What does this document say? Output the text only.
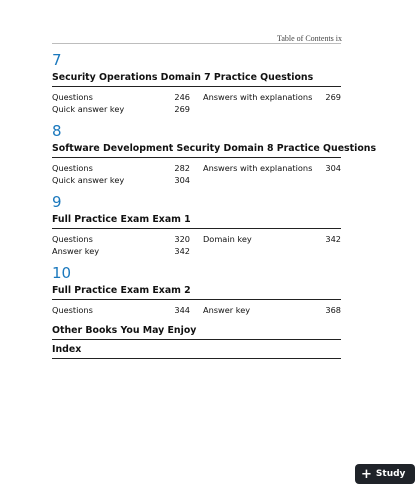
Table of Contents ix
7
Security Operations Domain 7 Practice Questions
Questions	246 Answers with explanations	269
Quick answer key	269
8
Software Development Security Domain 8 Practice Questions
Questions	282 Answers with explanations	304
Quick answer key	304
9
Full Practice Exam Exam 1
Questions	320 Domain key	342
Answer key	342
10
Full Practice Exam Exam 2
Questions	344 Answer key	368
Other Books You May Enjoy
Index
+ Study
